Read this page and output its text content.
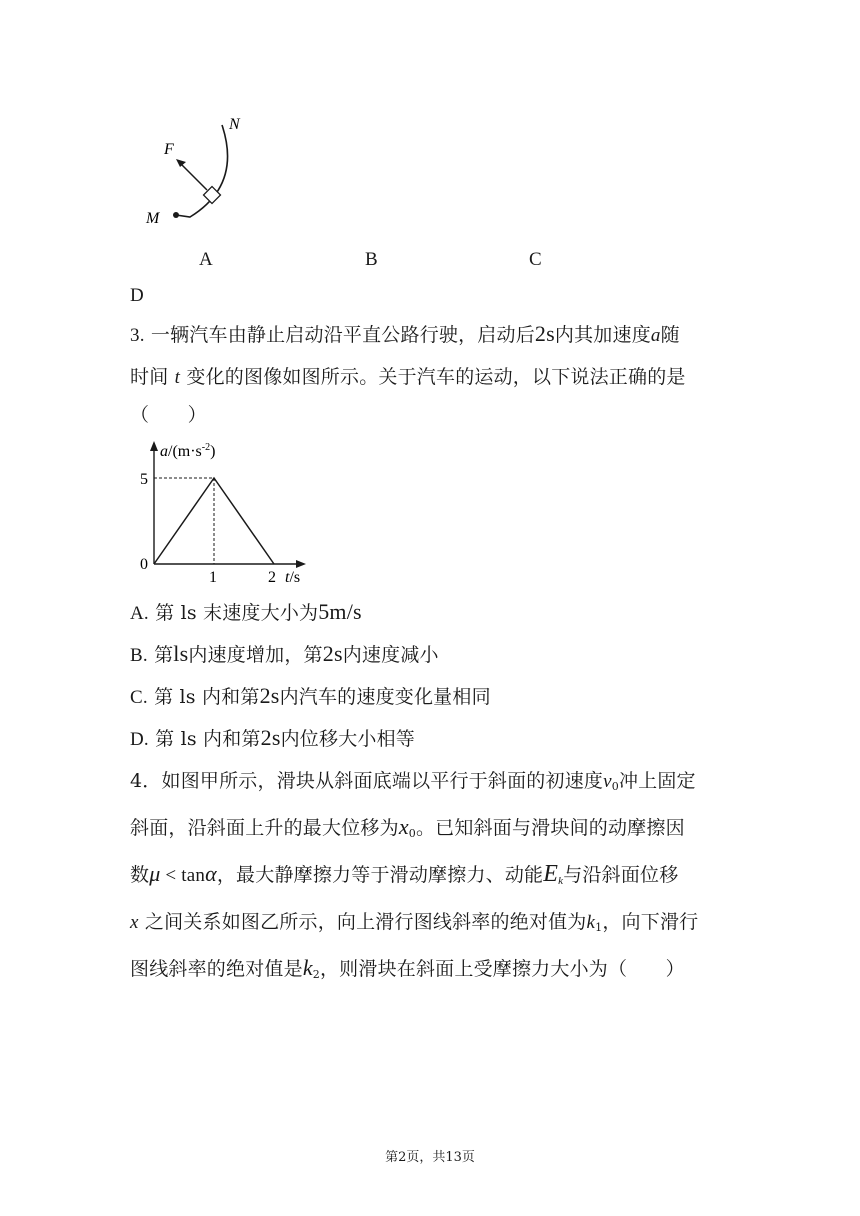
N
F
M
A	B	C
D
3. 一辆汽车由静止启动沿平直公路行驶，启动后2s内其加速度a随
时间 t 变化的图像如图所示。关于汽车的运动，以下说法正确的是
（　　）
$a/(m\cdot s^{-2})$
5
0
1	2 t/s
A. 第 ls 末速度大小为5m/s
B. 第ls内速度增加，第2s内速度减小
C. 第 ls 内和第2s内汽车的速度变化量相同
D. 第 ls 内和第2s内位移大小相等
4．如图甲所示，滑块从斜面底端以平行于斜面的初速度$v_0$冲上固定
斜面，沿斜面上升的最大位移为$x_0$。已知斜面与滑块间的动摩擦因
数μ < tanα，最大静摩擦力等于滑动摩擦力、动能$E_k$与沿斜面位移
x 之间关系如图乙所示，向上滑行图线斜率的绝对值为$k_1$，向下滑行
图线斜率的绝对值是$k_2$，则滑块在斜面上受摩擦力大小为（　　）
第2页，共13页
